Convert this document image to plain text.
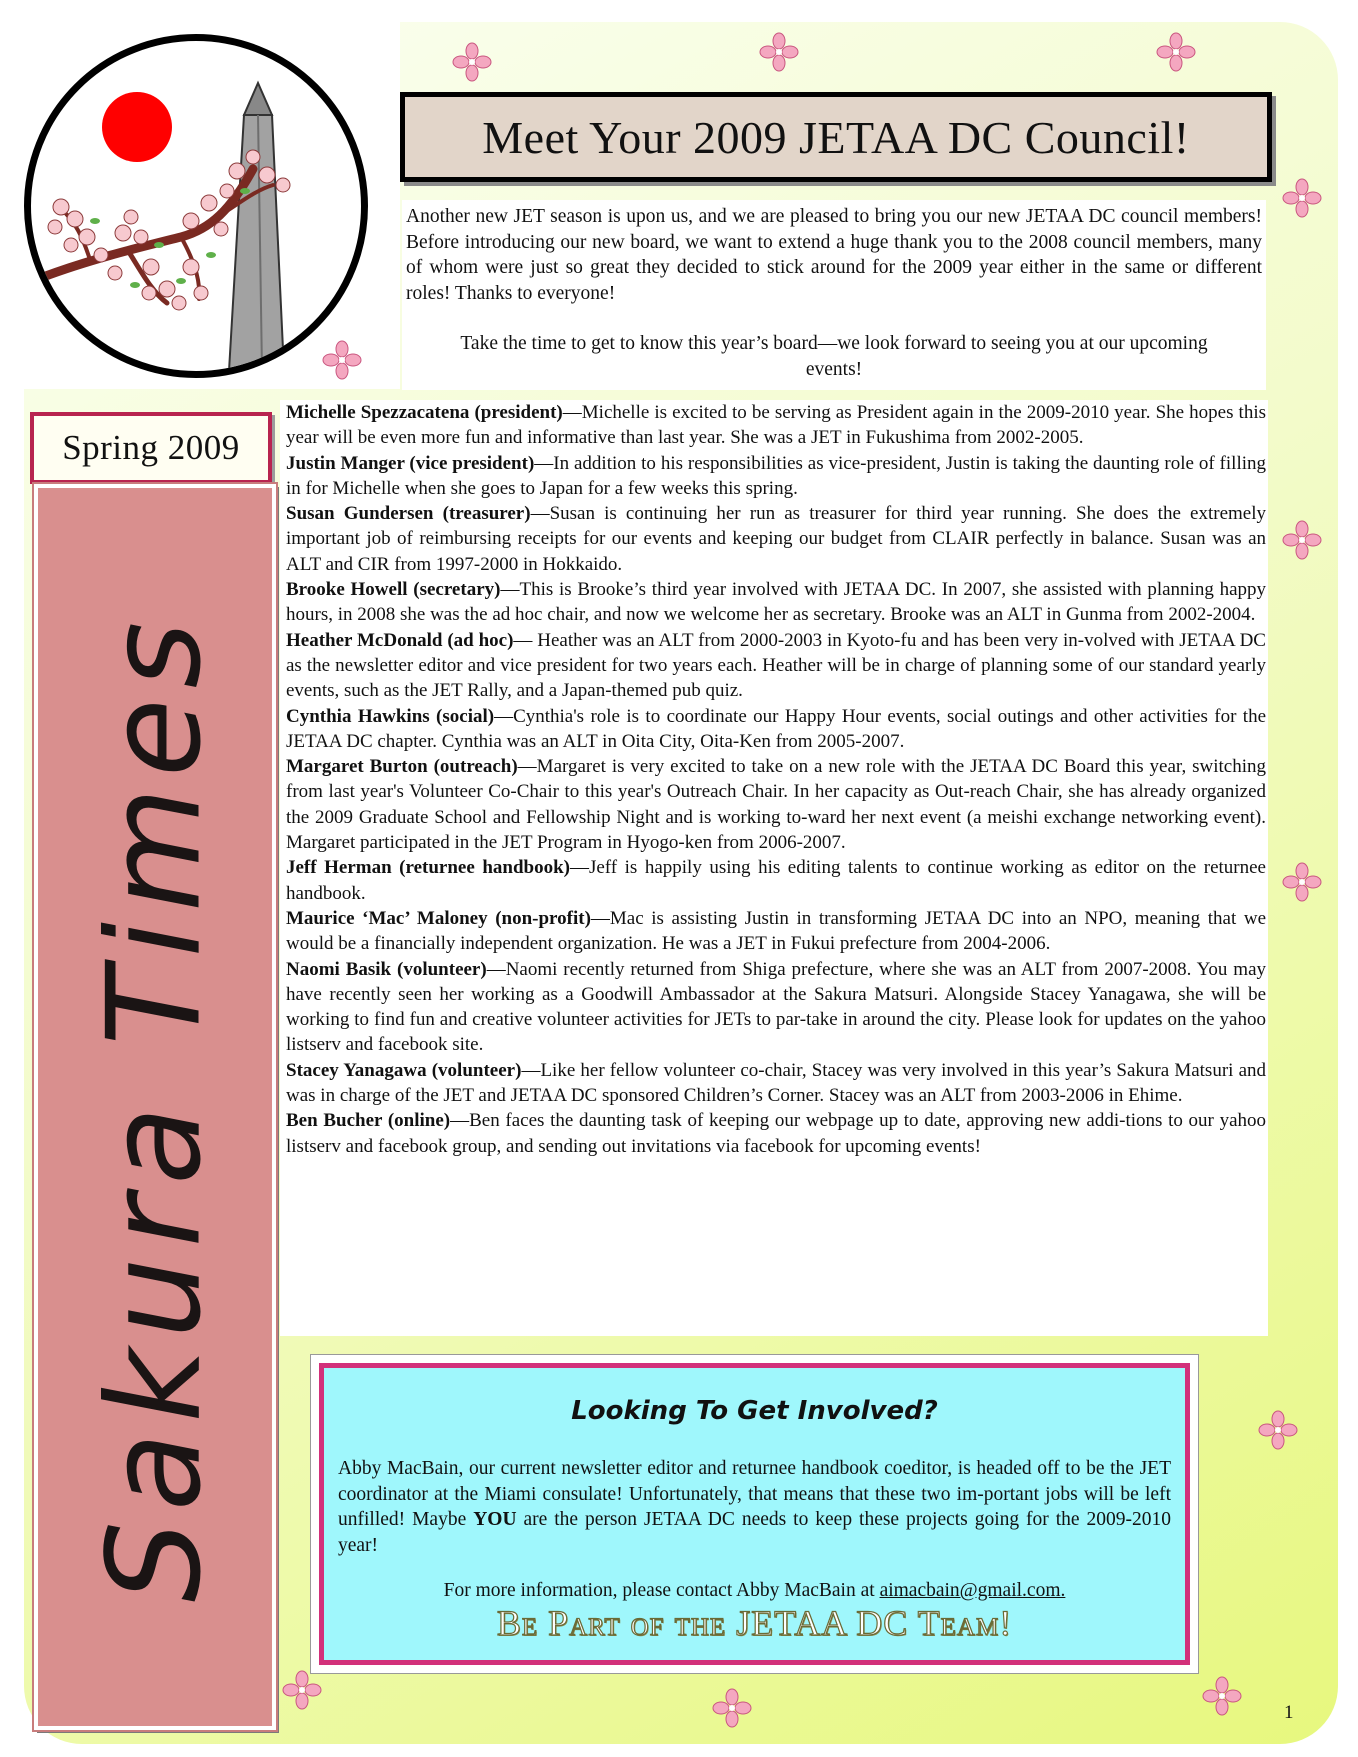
Meet Your 2009 JETAA DC Council!

Another new JET season is upon us, and we are pleased to bring you our new JETAA DC council members! Before introducing our new board, we want to extend a huge thank you to the 2008 council members, many of whom were just so great they decided to stick around for the 2009 year either in the same or different roles! Thanks to everyone!

Take the time to get to know this year’s board—we look forward to seeing you at our upcoming events!

Spring 2009
Sakura Times

Michelle Spezzacatena (president)—Michelle is excited to be serving as President again in the 2009-2010 year. She hopes this year will be even more fun and informative than last year. She was a JET in Fukushima from 2002-2005.

Justin Manger (vice president)—In addition to his responsibilities as vice-president, Justin is taking the daunting role of filling in for Michelle when she goes to Japan for a few weeks this spring.

Susan Gundersen (treasurer)—Susan is continuing her run as treasurer for third year running. She does the extremely important job of reimbursing receipts for our events and keeping our budget from CLAIR perfectly in balance. Susan was an ALT and CIR from 1997-2000 in Hokkaido.

Brooke Howell (secretary)—This is Brooke’s third year involved with JETAA DC. In 2007, she assisted with planning happy hours, in 2008 she was the ad hoc chair, and now we welcome her as secretary. Brooke was an ALT in Gunma from 2002-2004.

Heather McDonald (ad hoc)— Heather was an ALT from 2000-2003 in Kyoto-fu and has been very in-volved with JETAA DC as the newsletter editor and vice president for two years each. Heather will be in charge of planning some of our standard yearly events, such as the JET Rally, and a Japan-themed pub quiz.

Cynthia Hawkins (social)—Cynthia's role is to coordinate our Happy Hour events, social outings and other activities for the JETAA DC chapter. Cynthia was an ALT in Oita City, Oita-Ken from 2005-2007.

Margaret Burton (outreach)—Margaret is very excited to take on a new role with the JETAA DC Board this year, switching from last year's Volunteer Co-Chair to this year's Outreach Chair. In her capacity as Out-reach Chair, she has already organized the 2009 Graduate School and Fellowship Night and is working to-ward her next event (a meishi exchange networking event). Margaret participated in the JET Program in Hyogo-ken from 2006-2007.

Jeff Herman (returnee handbook)—Jeff is happily using his editing talents to continue working as editor on the returnee handbook.

Maurice ‘Mac’ Maloney (non-profit)—Mac is assisting Justin in transforming JETAA DC into an NPO, meaning that we would be a financially independent organization. He was a JET in Fukui prefecture from 2004-2006.

Naomi Basik (volunteer)—Naomi recently returned from Shiga prefecture, where she was an ALT from 2007-2008. You may have recently seen her working as a Goodwill Ambassador at the Sakura Matsuri. Alongside Stacey Yanagawa, she will be working to find fun and creative volunteer activities for JETs to par-take in around the city. Please look for updates on the yahoo listserv and facebook site.

Stacey Yanagawa (volunteer)—Like her fellow volunteer co-chair, Stacey was very involved in this year’s Sakura Matsuri and was in charge of the JET and JETAA DC sponsored Children’s Corner. Stacey was an ALT from 2003-2006 in Ehime.

Ben Bucher (online)—Ben faces the daunting task of keeping our webpage up to date, approving new addi-tions to our yahoo listserv and facebook group, and sending out invitations via facebook for upcoming events!

Looking To Get Involved?

Abby MacBain, our current newsletter editor and returnee handbook coeditor, is headed off to be the JET coordinator at the Miami consulate! Unfortunately, that means that these two im-portant jobs will be left unfilled! Maybe YOU are the person JETAA DC needs to keep these projects going for the 2009-2010 year!

For more information, please contact Abby MacBain at aimacbain@gmail.com.

Be Part of the JETAA DC Team!
1
